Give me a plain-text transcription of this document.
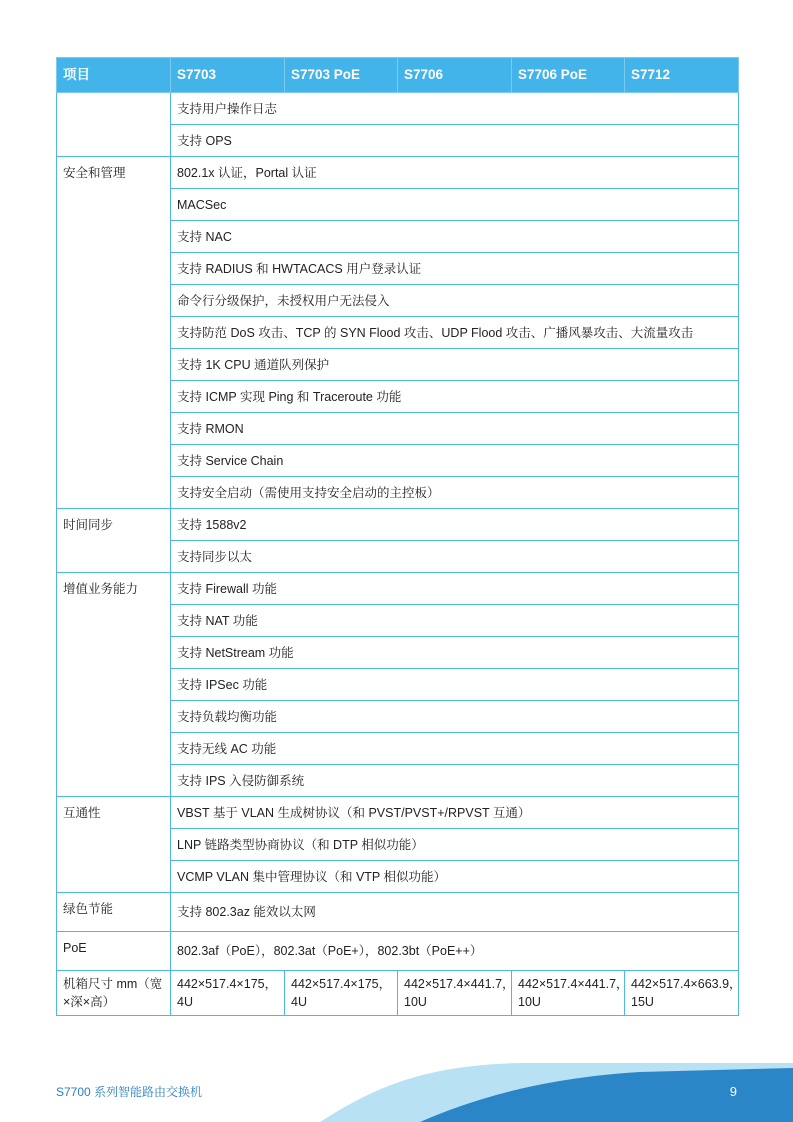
项目	S7703	S7703 PoE	S7706	S7706 PoE	S7712
	支持用户操作日志				
	支持 OPS				
安全和管理	802.1x 认证，Portal 认证				
	MACSec				
	支持 NAC				
	支持 RADIUS 和 HWTACACS 用户登录认证				
	命令行分级保护，未授权用户无法侵入				
	支持防范 DoS 攻击、TCP 的 SYN Flood 攻击、UDP Flood 攻击、广播风暴攻击、大流量攻击				
	支持 1K CPU 通道队列保护				
	支持 ICMP 实现 Ping 和 Traceroute 功能				
	支持 RMON				
	支持 Service Chain				
	支持安全启动（需使用支持安全启动的主控板）				
时间同步	支持 1588v2				
	支持同步以太				
增值业务能力	支持 Firewall 功能				
	支持 NAT 功能				
	支持 NetStream 功能				
	支持 IPSec 功能				
	支持负载均衡功能				
	支持无线 AC 功能				
	支持 IPS 入侵防御系统				
互通性	VBST 基于 VLAN 生成树协议（和 PVST/PVST+/RPVST 互通）				
	LNP 链路类型协商协议（和 DTP 相似功能）				
	VCMP VLAN 集中管理协议（和 VTP 相似功能）				
绿色节能	支持 802.3az 能效以太网				
PoE	802.3af（PoE），802.3at（PoE+），802.3bt（PoE++）				
机箱尺寸 mm（宽×深×高）	442×517.4×175，4U	442×517.4×175，4U	442×517.4×441.7，10U	442×517.4×441.7，10U	442×517.4×663.9，15U
S7700 系列智能路由交换机	9
